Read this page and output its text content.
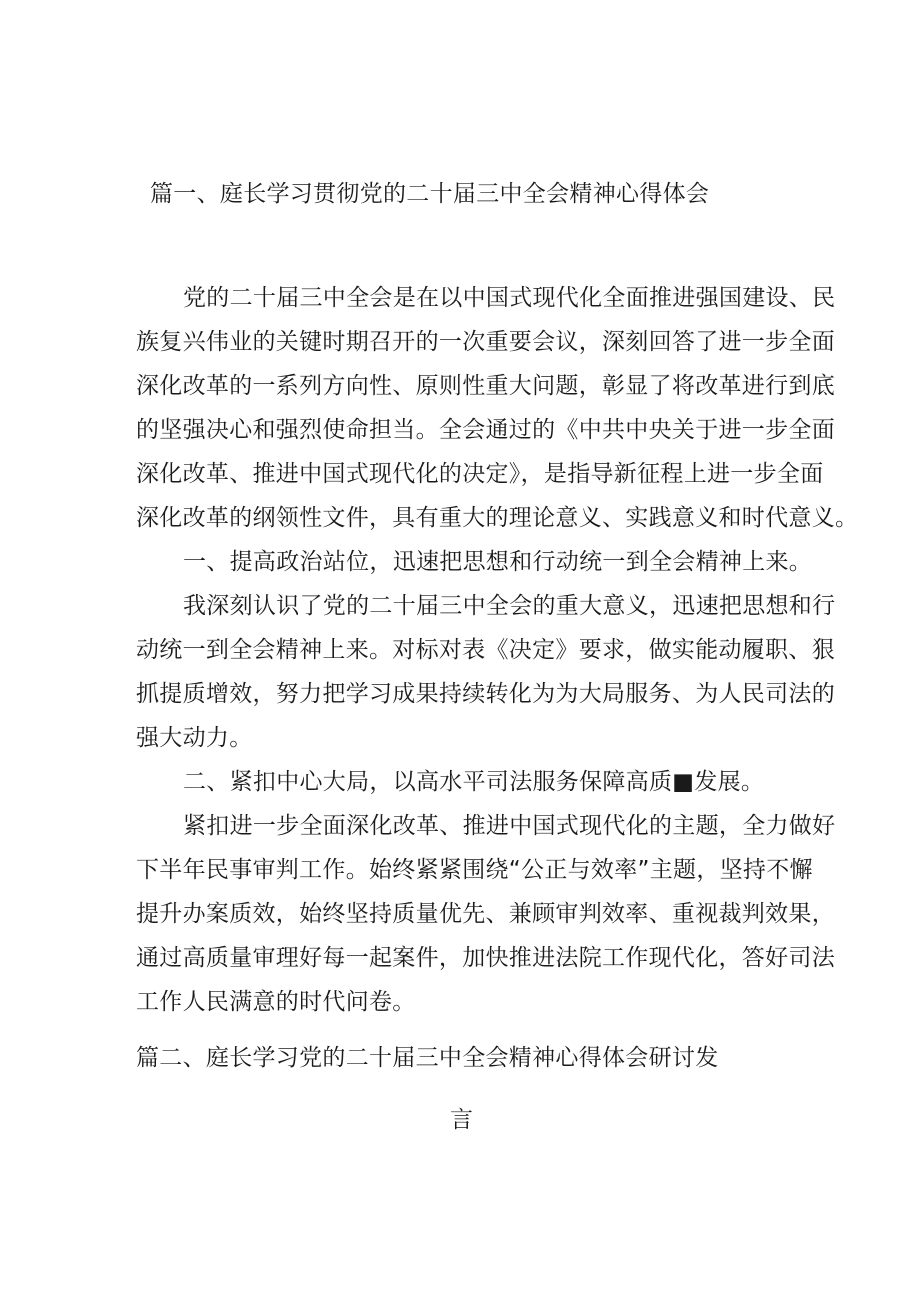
篇一、庭长学习贯彻党的二十届三中全会精神心得体会
党的二十届三中全会是在以中国式现代化全面推进强国建设、民
族复兴伟业的关键时期召开的一次重要会议，深刻回答了进一步全面
深化改革的一系列方向性、原则性重大问题，彰显了将改革进行到底
的坚强决心和强烈使命担当。全会通过的《中共中央关于进一步全面
深化改革、推进中国式现代化的决定》，是指导新征程上进一步全面
深化改革的纲领性文件，具有重大的理论意义、实践意义和时代意义。
一、提高政治站位，迅速把思想和行动统一到全会精神上来。
我深刻认识了党的二十届三中全会的重大意义，迅速把思想和行
动统一到全会精神上来。对标对表《决定》要求，做实能动履职、狠
抓提质增效，努力把学习成果持续转化为为大局服务、为人民司法的
强大动力。
二、紧扣中心大局，以高水平司法服务保障高质■发展。
紧扣进一步全面深化改革、推进中国式现代化的主题，全力做好
下半年民事审判工作。始终紧紧围绕“公正与效率”主题，坚持不懈
提升办案质效，始终坚持质量优先、兼顾审判效率、重视裁判效果，
通过高质量审理好每一起案件，加快推进法院工作现代化，答好司法
工作人民满意的时代问卷。
篇二、庭长学习党的二十届三中全会精神心得体会研讨发
言
